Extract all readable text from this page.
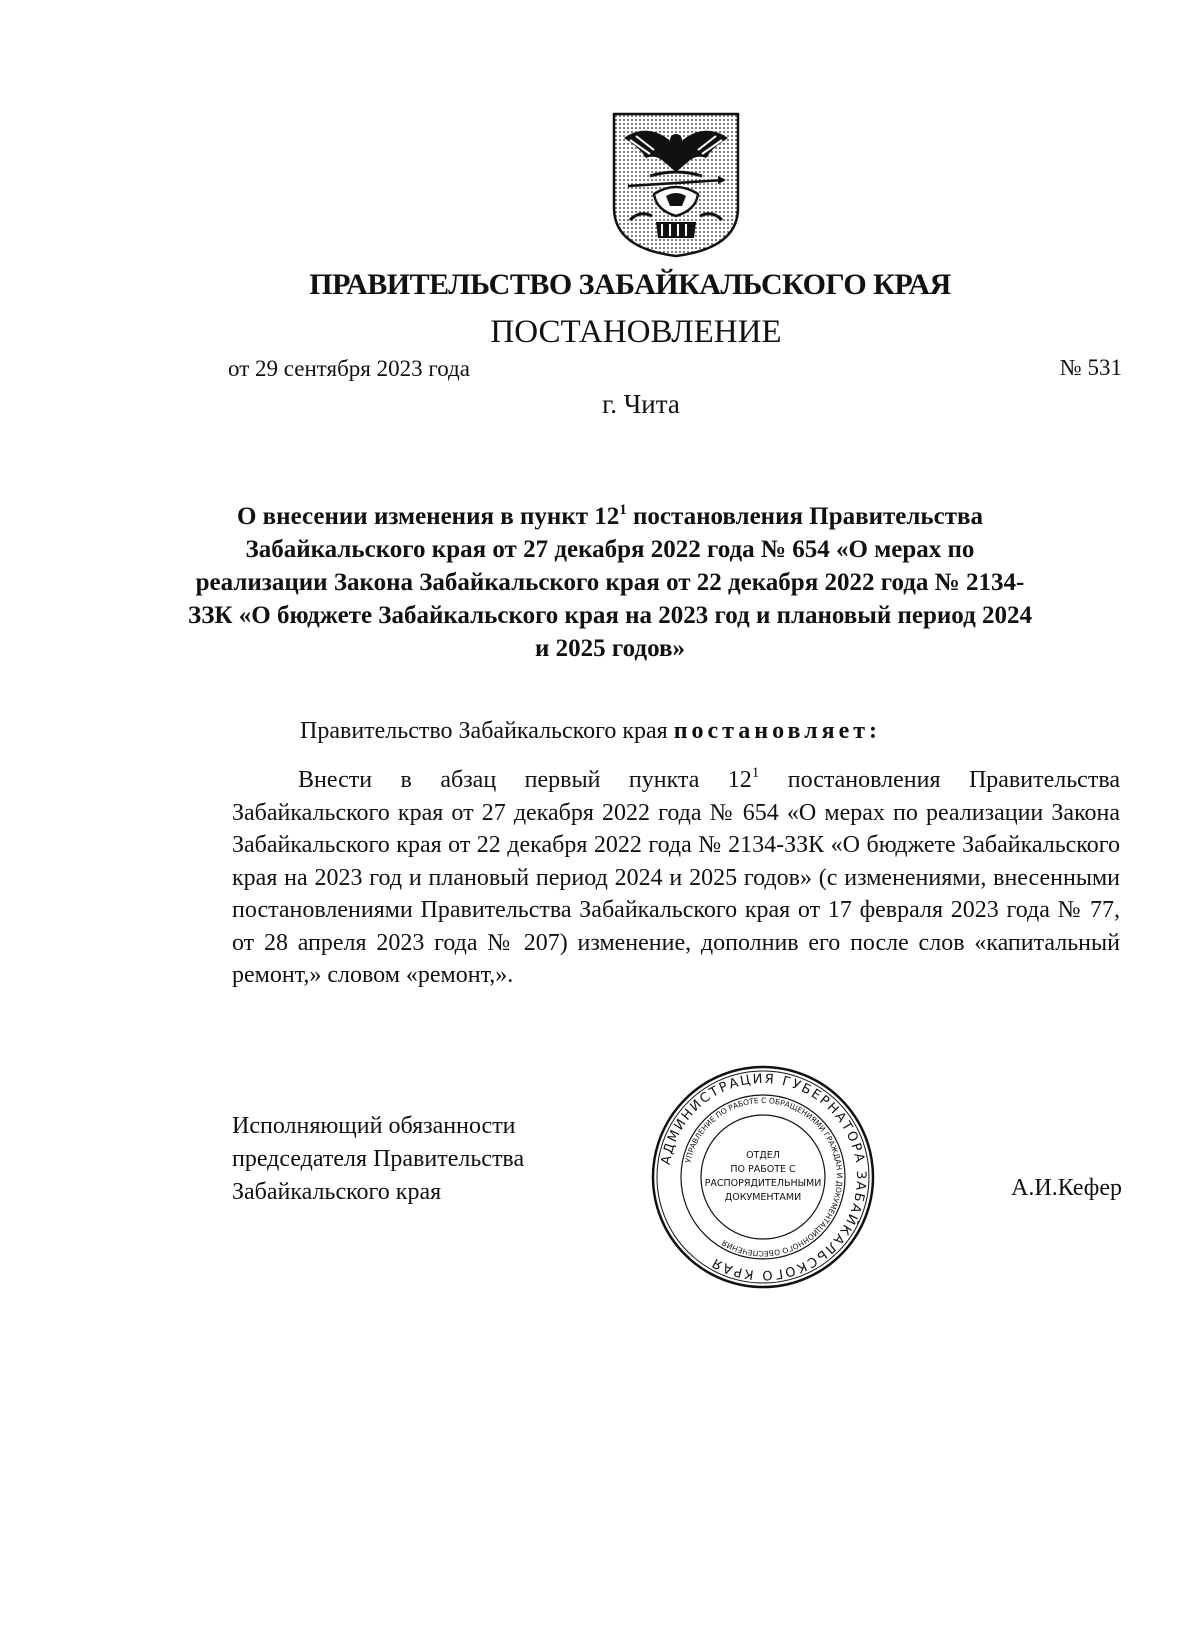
ПРАВИТЕЛЬСТВО ЗАБАЙКАЛЬСКОГО КРАЯ
ПОСТАНОВЛЕНИЕ
от 29 сентября 2023 года	№ 531
г. Чита
О внесении изменения в пункт $12^1$ постановления Правительства Забайкальского края от 27 декабря 2022 года № 654 «О мерах по реализации Закона Забайкальского края от 22 декабря 2022 года № 2134-ЗЗК «О бюджете Забайкальского края на 2023 год и плановый период 2024 и 2025 годов»
Правительство Забайкальского края постановляет:
Внести в абзац первый пункта $12^1$ постановления Правительства Забайкальского края от 27 декабря 2022 года № 654 «О мерах по реализации Закона Забайкальского края от 22 декабря 2022 года № 2134-ЗЗК «О бюджете Забайкальского края на 2023 год и плановый период 2024 и 2025 годов» (с изменениями, внесенными постановлениями Правительства Забайкальского края от 17 февраля 2023 года № 77, от 28 апреля 2023 года № 207) изменение, дополнив его после слов «капитальный ремонт,» словом «ремонт,».
Исполняющий обязанности
председателя Правительства
Забайкальского края	А.И.Кефер
АДМИНИСТРАЦИЯ ГУБЕРНАТОРА ЗАБАЙКАЛЬСКОГО КРАЯ
УПРАВЛЕНИЕ ПО РАБОТЕ С ОБРАЩЕНИЯМИ ГРАЖДАН И ДОКУМЕНТАЦИОННОГО ОБЕСПЕЧЕНИЯ
ОТДЕЛ
ПО РАБОТЕ С
РАСПОРЯДИТЕЛЬНЫМИ
ДОКУМЕНТАМИ
